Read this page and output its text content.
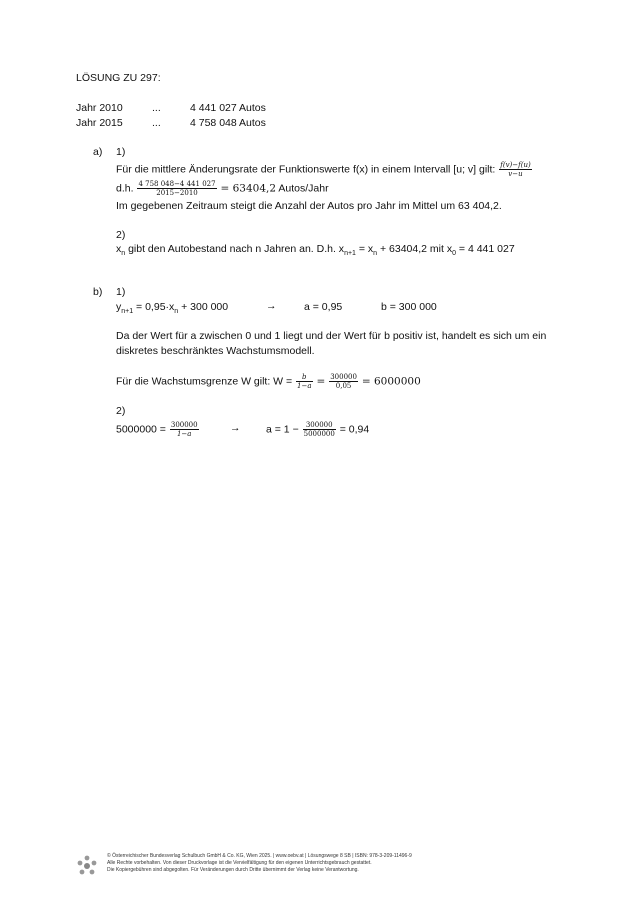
LÖSUNG ZU 297:
Jahr 2010	...	4 441 027 Autos
Jahr 2015	...	4 758 048 Autos
a) 1)
Für die mittlere Änderungsrate der Funktionswerte f(x) in einem Intervall [u; v] gilt: $\frac{f(v)-f(u)}{v-u}$
d.h. $\frac{4 758 048-4 441 027}{2015-2010} = 63404,2$ Autos/Jahr
Im gegebenen Zeitraum steigt die Anzahl der Autos pro Jahr im Mittel um 63 404,2.
2)
$x_n$ gibt den Autobestand nach n Jahren an. D.h. $x_{n+1} = x_n + 63404,2$ mit $x_0 = 4$ 441 027
b) 1)
$y_{n+1} = 0,95\cdot x_n + 300$ 000	→	a = 0,95	b = 300 000
Da der Wert für a zwischen 0 und 1 liegt und der Wert für b positiv ist, handelt es sich um ein
diskretes beschränktes Wachstumsmodell.
Für die Wachstumsgrenze W gilt: $W = \frac{b}{1-a} = \frac{300000}{0,05} = 6000000$
2)
$5000000 = \frac{300000}{1-a}$	→ $a = 1 - \frac{300000}{5000000} = 0,94$
© Österreichischer Bundesverlag Schulbuch GmbH & Co. KG, Wien 2025. | www.oebv.at | Lösungswege 8 SB | ISBN: 978-3-209-11496-9
Alle Rechte vorbehalten. Von dieser Druckvorlage ist die Vervielfältigung für den eigenen Unterrichtsgebrauch gestattet.
Die Kopiergebühren sind abgegolten. Für Veränderungen durch Dritte übernimmt der Verlag keine Verantwortung.
